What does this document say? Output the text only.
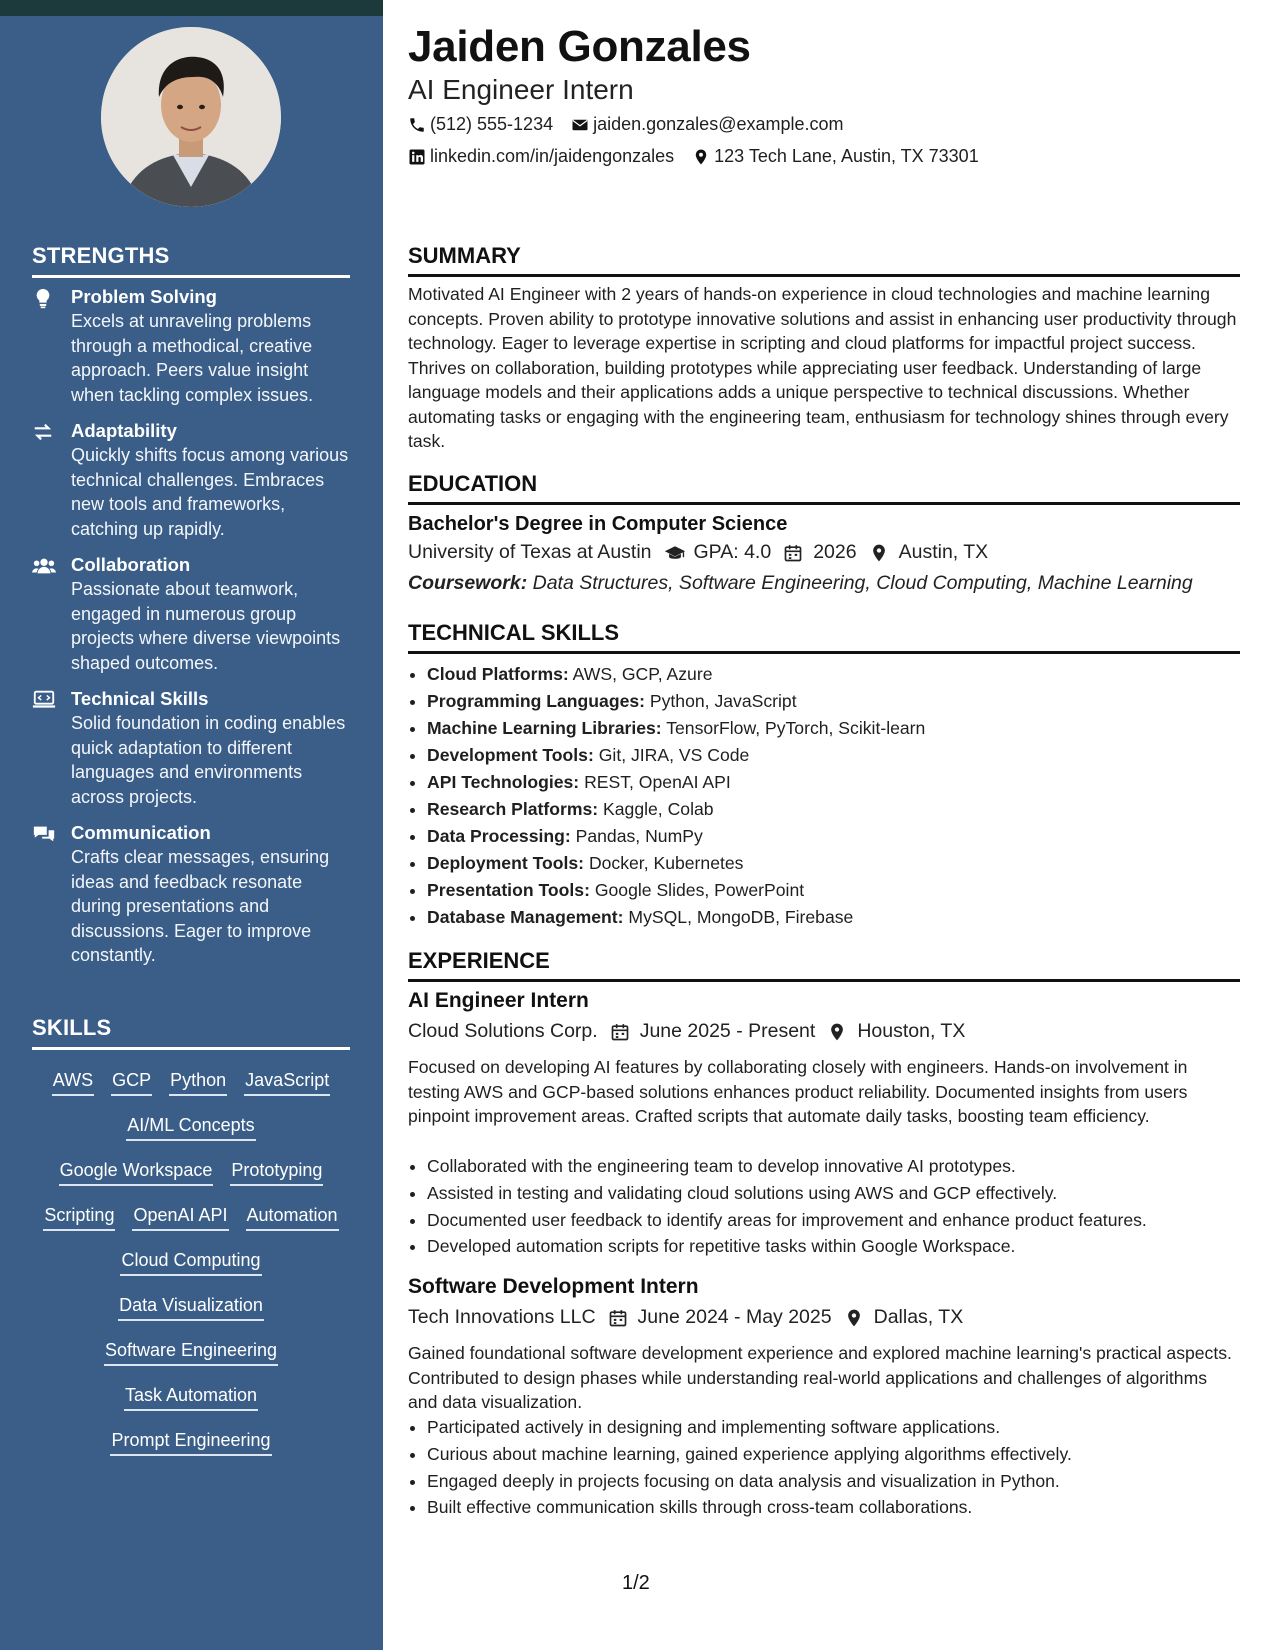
STRENGTHS
Problem Solving
Excels at unraveling problems through a methodical, creative approach. Peers value insight when tackling complex issues.
Adaptability
Quickly shifts focus among various technical challenges. Embraces new tools and frameworks, catching up rapidly.
Collaboration
Passionate about teamwork, engaged in numerous group projects where diverse viewpoints shaped outcomes.
Technical Skills
Solid foundation in coding enables quick adaptation to different languages and environments across projects.
Communication
Crafts clear messages, ensuring ideas and feedback resonate during presentations and discussions. Eager to improve constantly.
SKILLS
AWS GCP Python JavaScript
AI/ML Concepts
Google Workspace Prototyping
Scripting OpenAI API Automation
Cloud Computing
Data Visualization
Software Engineering
Task Automation
Prompt Engineering
Jaiden Gonzales
AI Engineer Intern
(512) 555-1234 jaiden.gonzales@example.com
linkedin.com/in/jaidengonzales 123 Tech Lane, Austin, TX 73301
SUMMARY
Motivated AI Engineer with 2 years of hands-on experience in cloud technologies and machine learning concepts. Proven ability to prototype innovative solutions and assist in enhancing user productivity through technology. Eager to leverage expertise in scripting and cloud platforms for impactful project success. Thrives on collaboration, building prototypes while appreciating user feedback. Understanding of large language models and their applications adds a unique perspective to technical discussions. Whether automating tasks or engaging with the engineering team, enthusiasm for technology shines through every task.
EDUCATION
Bachelor's Degree in Computer Science
University of Texas at Austin GPA: 4.0 2026 Austin, TX
Coursework: Data Structures, Software Engineering, Cloud Computing, Machine Learning
TECHNICAL SKILLS
• Cloud Platforms: AWS, GCP, Azure
• Programming Languages: Python, JavaScript
• Machine Learning Libraries: TensorFlow, PyTorch, Scikit-learn
• Development Tools: Git, JIRA, VS Code
• API Technologies: REST, OpenAI API
• Research Platforms: Kaggle, Colab
• Data Processing: Pandas, NumPy
• Deployment Tools: Docker, Kubernetes
• Presentation Tools: Google Slides, PowerPoint
• Database Management: MySQL, MongoDB, Firebase
EXPERIENCE
AI Engineer Intern
Cloud Solutions Corp. June 2025 - Present Houston, TX
Focused on developing AI features by collaborating closely with engineers. Hands-on involvement in testing AWS and GCP-based solutions enhances product reliability. Documented insights from users pinpoint improvement areas. Crafted scripts that automate daily tasks, boosting team efficiency.
• Collaborated with the engineering team to develop innovative AI prototypes.
• Assisted in testing and validating cloud solutions using AWS and GCP effectively.
• Documented user feedback to identify areas for improvement and enhance product features.
• Developed automation scripts for repetitive tasks within Google Workspace.
Software Development Intern
Tech Innovations LLC June 2024 - May 2025 Dallas, TX
Gained foundational software development experience and explored machine learning's practical aspects. Contributed to design phases while understanding real-world applications and challenges of algorithms and data visualization.
• Participated actively in designing and implementing software applications.
• Curious about machine learning, gained experience applying algorithms effectively.
• Engaged deeply in projects focusing on data analysis and visualization in Python.
• Built effective communication skills through cross-team collaborations.
1/2
